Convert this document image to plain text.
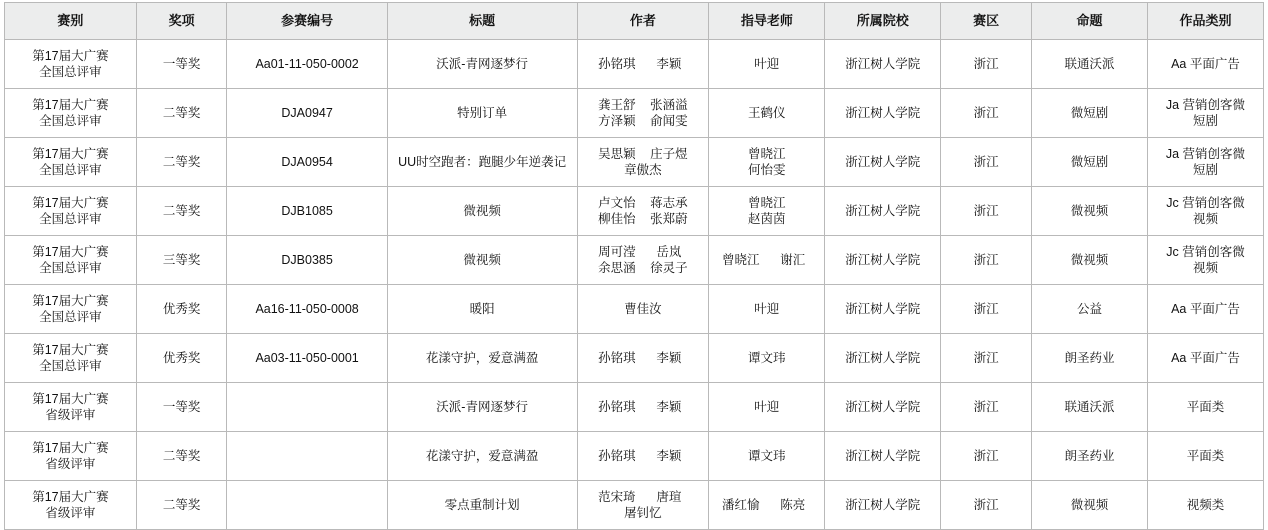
赛别	奖项	参赛编号	标题	作者	指导老师	所属院校	赛区	命题	作品类别

第17届大广赛
全国总评审	一等奖	Aa01-11-050-0002	沃派-青网逐梦行	孙铭琪 李颖	叶迎	浙江树人学院	浙江	联通沃派	Aa 平面广告

第17届大广赛
全国总评审	二等奖	DJA0947	特别订单	龚王舒 张涵溢
方泽颖 俞闻雯	王鹤仪	浙江树人学院	浙江	微短剧	Ja 营销创客微
短剧

第17届大广赛
全国总评审	二等奖	DJA0954	UU时空跑者：跑腿少年逆袭记	吴思颖 庄子煜
章傲杰	曾晓江
何怡雯	浙江树人学院	浙江	微短剧	Ja 营销创客微
短剧

第17届大广赛
全国总评审	二等奖	DJB1085	微视频	卢文怡 蒋志承
柳佳怡 张郑蔚	曾晓江
赵茵茵	浙江树人学院	浙江	微视频	Jc 营销创客微
视频

第17届大广赛
全国总评审	三等奖	DJB0385	微视频	周可滢 岳岚
余思涵 徐灵子	曾晓江 谢汇	浙江树人学院	浙江	微视频	Jc 营销创客微
视频

第17届大广赛
全国总评审	优秀奖	Aa16-11-050-0008	暖阳	曹佳汝	叶迎	浙江树人学院	浙江	公益	Aa 平面广告

第17届大广赛
全国总评审	优秀奖	Aa03-11-050-0001	花漾守护，爱意满盈	孙铭琪 李颖	谭文玮	浙江树人学院	浙江	朗圣药业	Aa 平面广告

第17届大广赛
省级评审	一等奖		沃派-青网逐梦行	孙铭琪 李颖	叶迎	浙江树人学院	浙江	联通沃派	平面类

第17届大广赛
省级评审	二等奖		花漾守护，爱意满盈	孙铭琪 李颖	谭文玮	浙江树人学院	浙江	朗圣药业	平面类

第17届大广赛
省级评审	二等奖		零点重制计划	范宋琦 唐瑄
屠钊忆	潘红愉 陈亮	浙江树人学院	浙江	微视频	视频类
